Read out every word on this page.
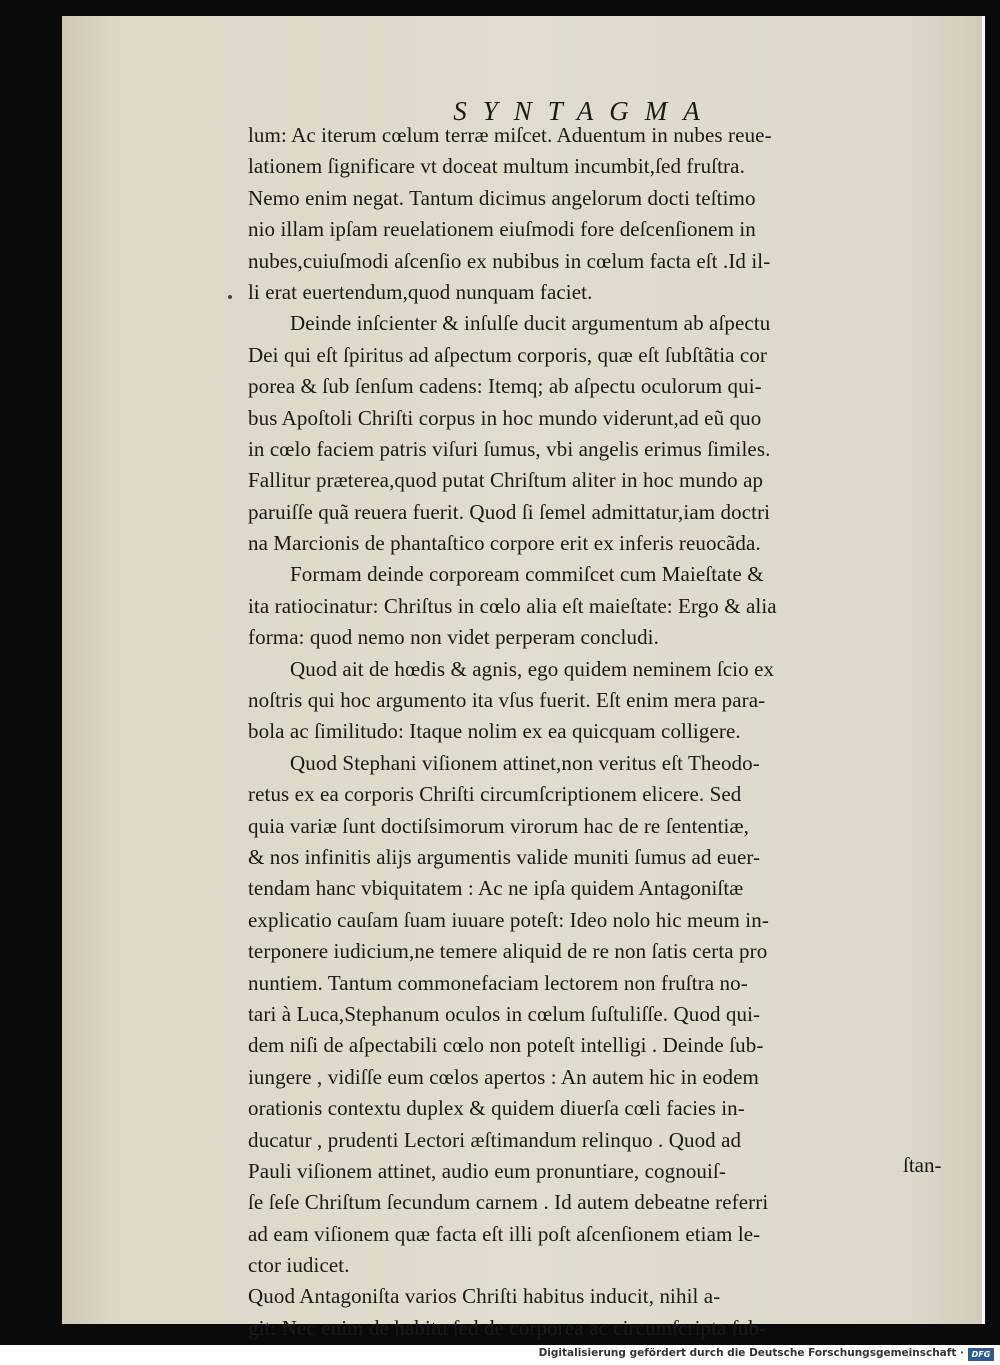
SYNTAGMA
lum: Ac iterum cœlum terræ miſcet. Aduentum in nubes reue-
lationem ſignificare vt doceat multum incumbit,ſed fruſtra.
Nemo enim negat. Tantum dicimus angelorum docti teſtimo
nio illam ipſam reuelationem eiuſmodi fore deſcenſionem in
nubes,cuiuſmodi aſcenſio ex nubibus in cœlum facta eſt .Id il-
li erat euertendum,quod nunquam faciet.
Deinde inſcienter & inſulſe ducit argumentum ab aſpectu
Dei qui eſt ſpiritus ad aſpectum corporis, quæ eſt ſubſtãtia cor
porea & ſub ſenſum cadens: Itemq; ab aſpectu oculorum qui-
bus Apoſtoli Chriſti corpus in hoc mundo viderunt,ad eũ quo
in cœlo faciem patris viſuri ſumus, vbi angelis erimus ſimiles.
Fallitur prӕterea,quod putat Chriſtum aliter in hoc mundo ap
paruiſſe quã reuera fuerit. Quod ſi ſemel admittatur,iam doctri
na Marcionis de phantaſtico corpore erit ex inferis reuocãda.
Formam deinde corpoream commiſcet cum Maieſtate &
ita ratiocinatur: Chriſtus in cœlo alia eſt maieſtate: Ergo & alia
forma: quod nemo non videt perperam concludi.
Quod ait de hœdis & agnis, ego quidem neminem ſcio ex
noſtris qui hoc argumento ita vſus fuerit. Eſt enim mera para-
bola ac ſimilitudo: Itaque nolim ex ea quicquam colligere.
Quod Stephani viſionem attinet,non veritus eſt Theodo-
retus ex ea corporis Chriſti circumſcriptionem elicere. Sed
quia variӕ ſunt doctiſsimorum virorum hac de re ſententiӕ,
& nos infinitis alijs argumentis valide muniti ſumus ad euer-
tendam hanc vbiquitatem : Ac ne ipſa quidem Antagoniſtӕ
explicatio cauſam ſuam iuuare poteſt: Ideo nolo hic meum in-
terponere iudicium,ne temere aliquid de re non ſatis certa pro
nuntiem. Tantum commonefaciam lectorem non fruſtra no-
tari à Luca,Stephanum oculos in cœlum ſuſtuliſſe. Quod qui-
dem niſi de aſpectabili cœlo non poteſt intelligi . Deinde ſub-
iungere , vidiſſe eum cœlos apertos : An autem hic in eodem
orationis contextu duplex & quidem diuerſa cœli facies in-
ducatur , prudenti Lectori æſtimandum relinquo . Quod ad
Pauli viſionem attinet, audio eum pronuntiare, cognouiſ-
ſe ſeſe Chriſtum ſecundum carnem . Id autem debeatne referri
ad eam viſionem quæ facta eſt illi poſt aſcenſionem etiam le-
ctor iudicet.
Quod Antagoniſta varios Chriſti habitus inducit, nihil a-
git: Nec enim de habitu ſed de corporea ac circumſcripta ſub-
ſtan-
Digitalisierung gefördert durch die Deutsche Forschungsgemeinschaft · DFG
